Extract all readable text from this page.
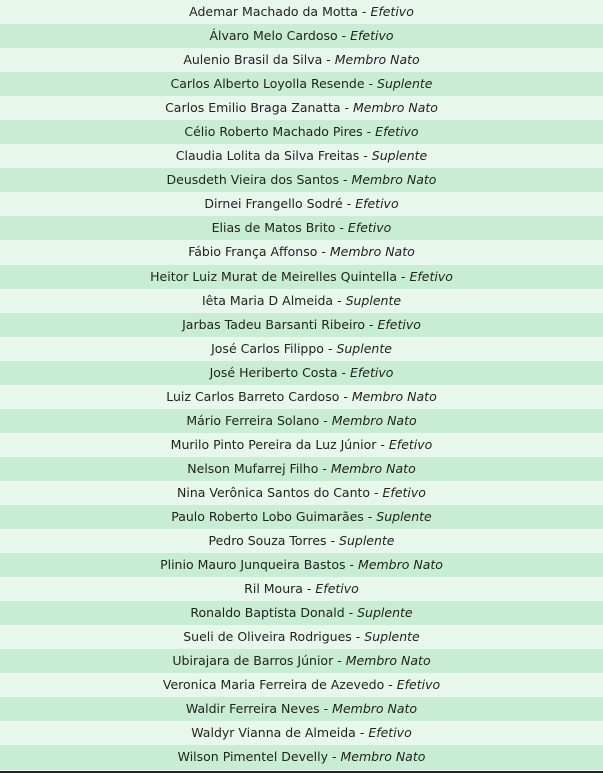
Ademar Machado da Motta - Efetivo
Álvaro Melo Cardoso - Efetivo
Aulenio Brasil da Silva - Membro Nato
Carlos Alberto Loyolla Resende - Suplente
Carlos Emilio Braga Zanatta - Membro Nato
Célio Roberto Machado Pires - Efetivo
Claudia Lolita da Silva Freitas - Suplente
Deusdeth Vieira dos Santos - Membro Nato
Dirnei Frangello Sodré - Efetivo
Elias de Matos Brito - Efetivo
Fábio França Affonso - Membro Nato
Heitor Luiz Murat de Meirelles Quintella - Efetivo
Iêta Maria D Almeida - Suplente
Jarbas Tadeu Barsanti Ribeiro - Efetivo
José Carlos Filippo - Suplente
José Heriberto Costa - Efetivo
Luiz Carlos Barreto Cardoso - Membro Nato
Mário Ferreira Solano - Membro Nato
Murilo Pinto Pereira da Luz Júnior - Efetivo
Nelson Mufarrej Filho - Membro Nato
Nina Verônica Santos do Canto - Efetivo
Paulo Roberto Lobo Guimarães - Suplente
Pedro Souza Torres - Suplente
Plinio Mauro Junqueira Bastos - Membro Nato
Ril Moura - Efetivo
Ronaldo Baptista Donald - Suplente
Sueli de Oliveira Rodrigues - Suplente
Ubirajara de Barros Júnior - Membro Nato
Veronica Maria Ferreira de Azevedo - Efetivo
Waldir Ferreira Neves - Membro Nato
Waldyr Vianna de Almeida - Efetivo
Wilson Pimentel Develly - Membro Nato
